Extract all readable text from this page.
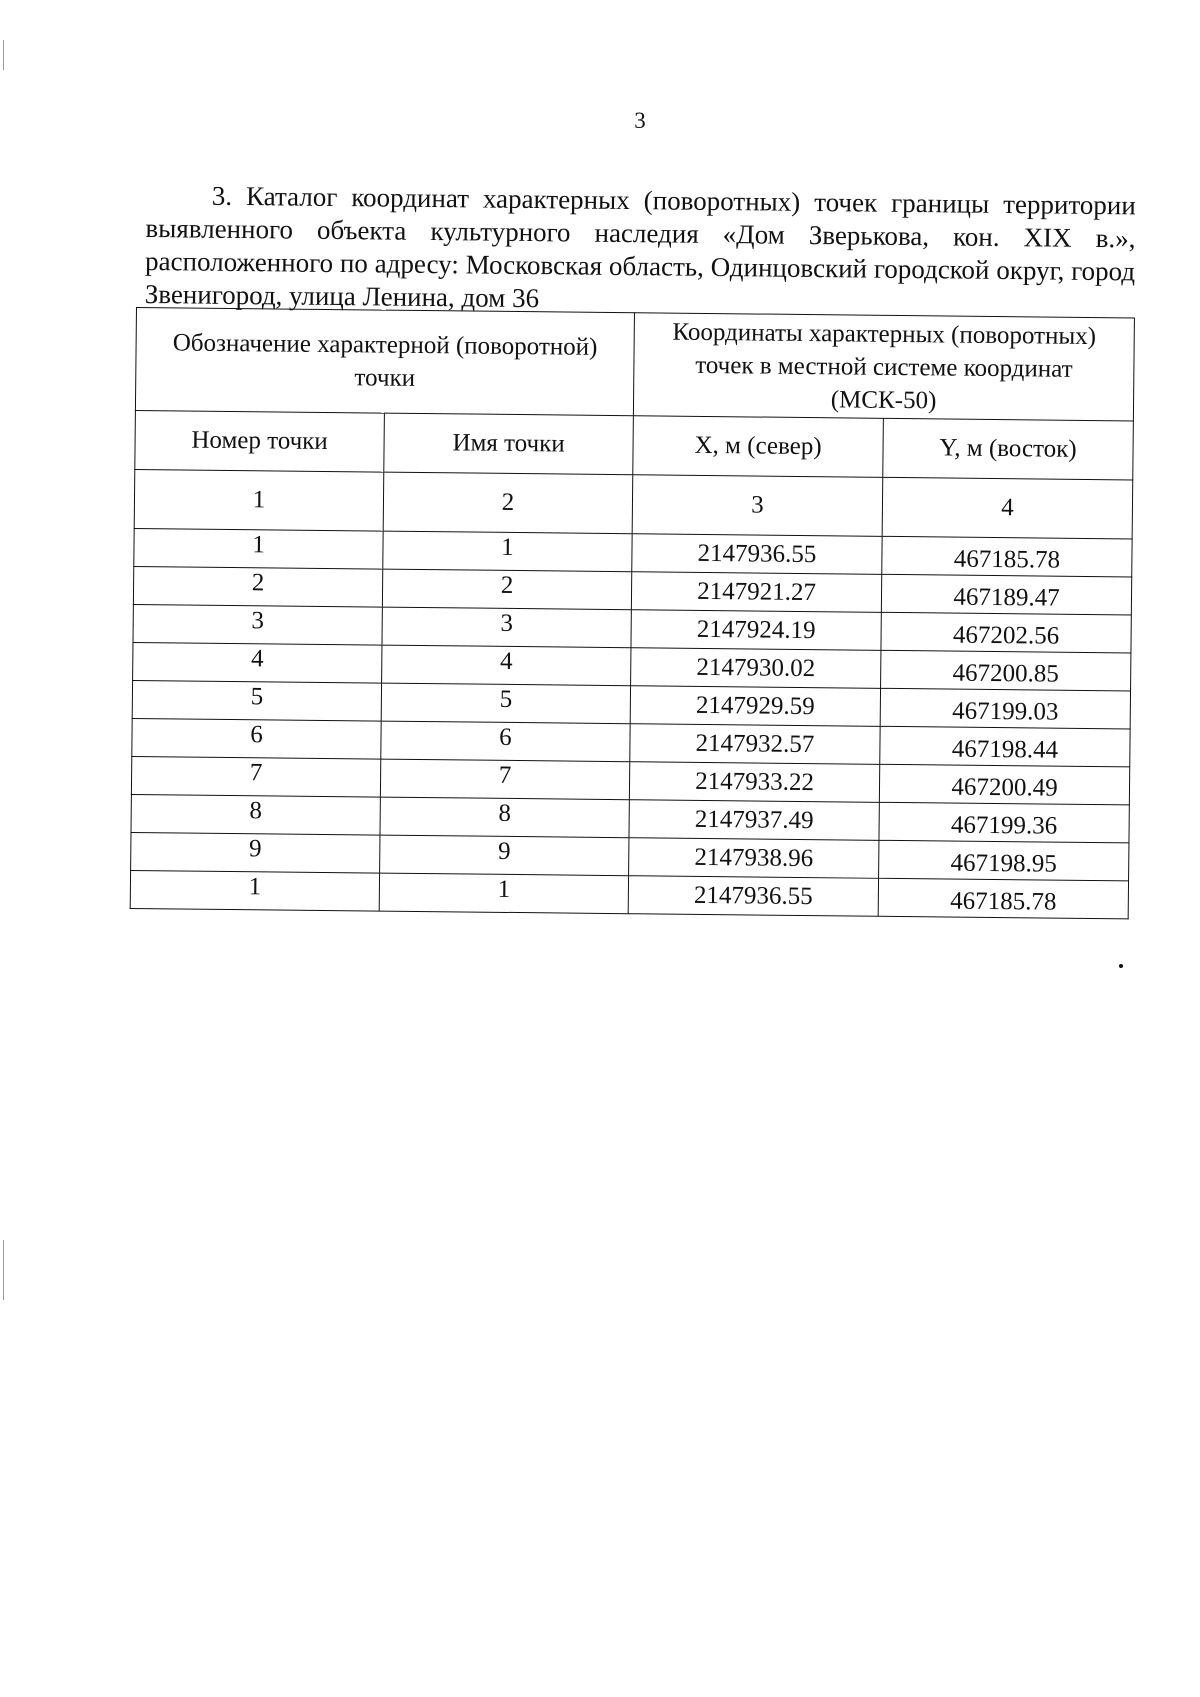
3

3. Каталог координат характерных (поворотных) точек границы территории выявленного объекта культурного наследия «Дом Зверькова, кон. XIX в.», расположенного по адресу: Московская область, Одинцовский городской округ, город Звенигород, улица Ленина, дом 36

Обозначение характерной (поворотной) точки		Координаты характерных (поворотных) точек в местной системе координат (МСК-50)	
Номер точки	Имя точки	X, м (север)	Y, м (восток)
1	2	3	4
1	1	2147936.55	467185.78
2	2	2147921.27	467189.47
3	3	2147924.19	467202.56
4	4	2147930.02	467200.85
5	5	2147929.59	467199.03
6	6	2147932.57	467198.44
7	7	2147933.22	467200.49
8	8	2147937.49	467199.36
9	9	2147938.96	467198.95
1	1	2147936.55	467185.78
